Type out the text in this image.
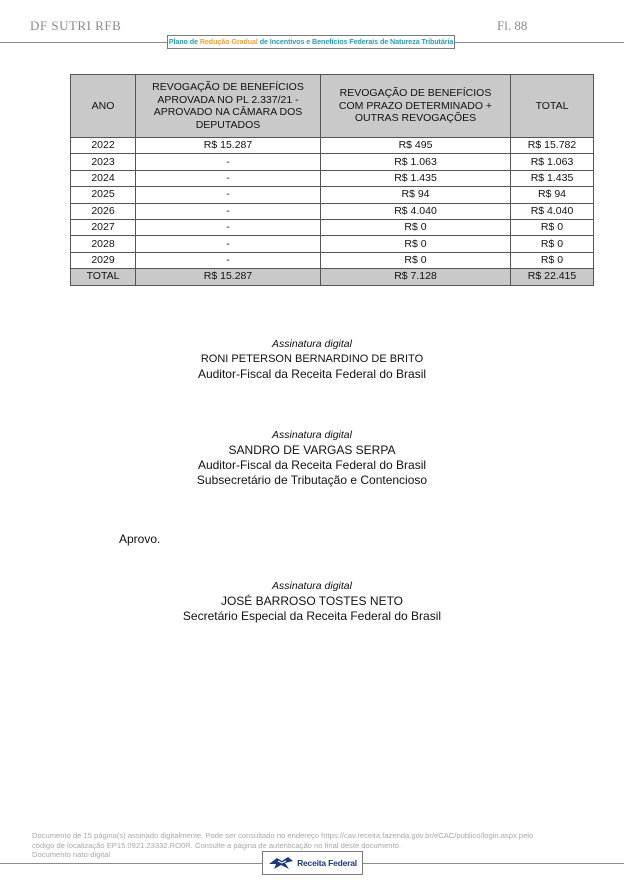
DF SUTRI RFB	Fl. 88
Plano de Redução Gradual de Incentivos e Benefícios Federais de Natureza Tributária
ANO	REVOGAÇÃO DE BENEFÍCIOS APROVADA NO PL 2.337/21 - APROVADO NA CÂMARA DOS DEPUTADOS	REVOGAÇÃO DE BENEFÍCIOS COM PRAZO DETERMINADO + OUTRAS REVOGAÇÕES	TOTAL
2022	R$ 15.287	R$ 495	R$ 15.782
2023	-	R$ 1.063	R$ 1.063
2024	-	R$ 1.435	R$ 1.435
2025	-	R$ 94	R$ 94
2026	-	R$ 4.040	R$ 4.040
2027	-	R$ 0	R$ 0
2028	-	R$ 0	R$ 0
2029	-	R$ 0	R$ 0
TOTAL	R$ 15.287	R$ 7.128	R$ 22.415
Assinatura digital
RONI PETERSON BERNARDINO DE BRITO
Auditor-Fiscal da Receita Federal do Brasil
Assinatura digital
SANDRO DE VARGAS SERPA
Auditor-Fiscal da Receita Federal do Brasil
Subsecretário de Tributação e Contencioso
Aprovo.
Assinatura digital
JOSÉ BARROSO TOSTES NETO
Secretário Especial da Receita Federal do Brasil
Documento de 15 página(s) assinado digitalmente. Pode ser consultado no endereço https://cav.receita.fazenda.gov.br/eCAC/publico/login.aspx pelo
código de localização EP15.0921.23332.RO0R. Consulte a página de autenticação no final deste documento.
Documento nato-digital
Receita Federal
